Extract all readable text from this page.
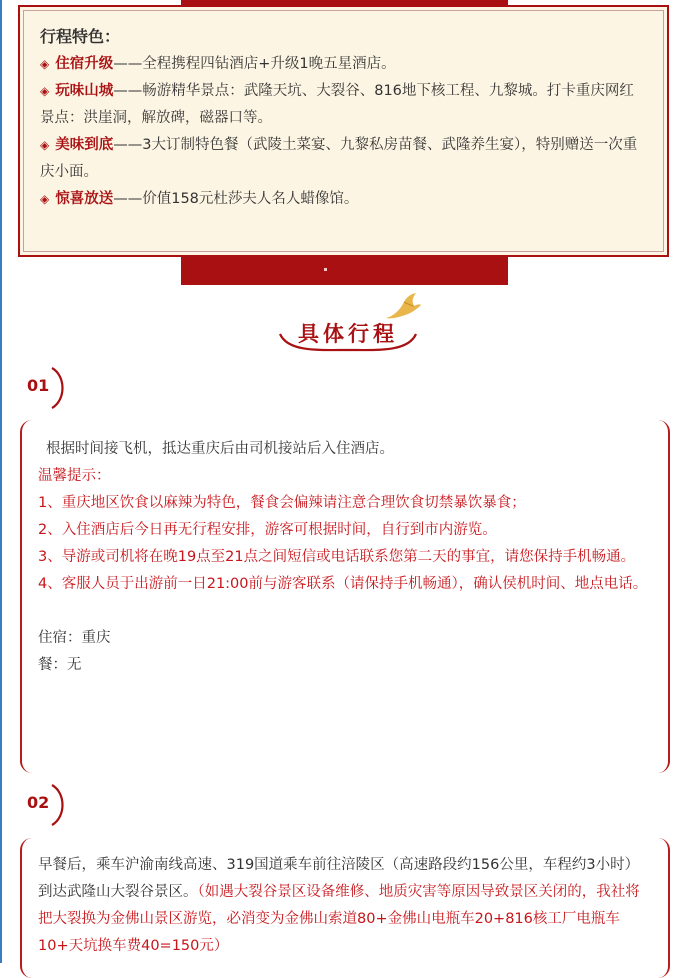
行程特色：
◈ 住宿升级——全程携程四钻酒店+升级1晚五星酒店。
◈ 玩味山城——畅游精华景点：武隆天坑、大裂谷、816地下核工程、九黎城。打卡重庆网红景点：洪崖洞，解放碑，磁器口等。
◈ 美味到底——3大订制特色餐（武陵土菜宴、九黎私房苗餐、武隆养生宴），特别赠送一次重庆小面。
◈ 惊喜放送——价值158元杜莎夫人名人蜡像馆。
具体行程
01

根据时间接飞机，抵达重庆后由司机接站后入住酒店。

温馨提示：

1、重庆地区饮食以麻辣为特色，餐食会偏辣请注意合理饮食切禁暴饮暴食；

2、入住酒店后今日再无行程安排，游客可根据时间，自行到市内游览。

3、导游或司机将在晚19点至21点之间短信或电话联系您第二天的事宜，请您保持手机畅通。

4、客服人员于出游前一日21:00前与游客联系（请保持手机畅通），确认侯机时间、地点电话。

住宿：重庆

餐：无

02

早餐后，乘车沪渝南线高速、319国道乘车前往涪陵区（高速路段约156公里，车程约3小时）到达武隆山大裂谷景区。（如遇大裂谷景区设备维修、地质灾害等原因导致景区关闭的，我社将把大裂换为金佛山景区游览，必消变为金佛山索道80+金佛山电瓶车20+816核工厂电瓶车10+天坑换车费40=150元）
